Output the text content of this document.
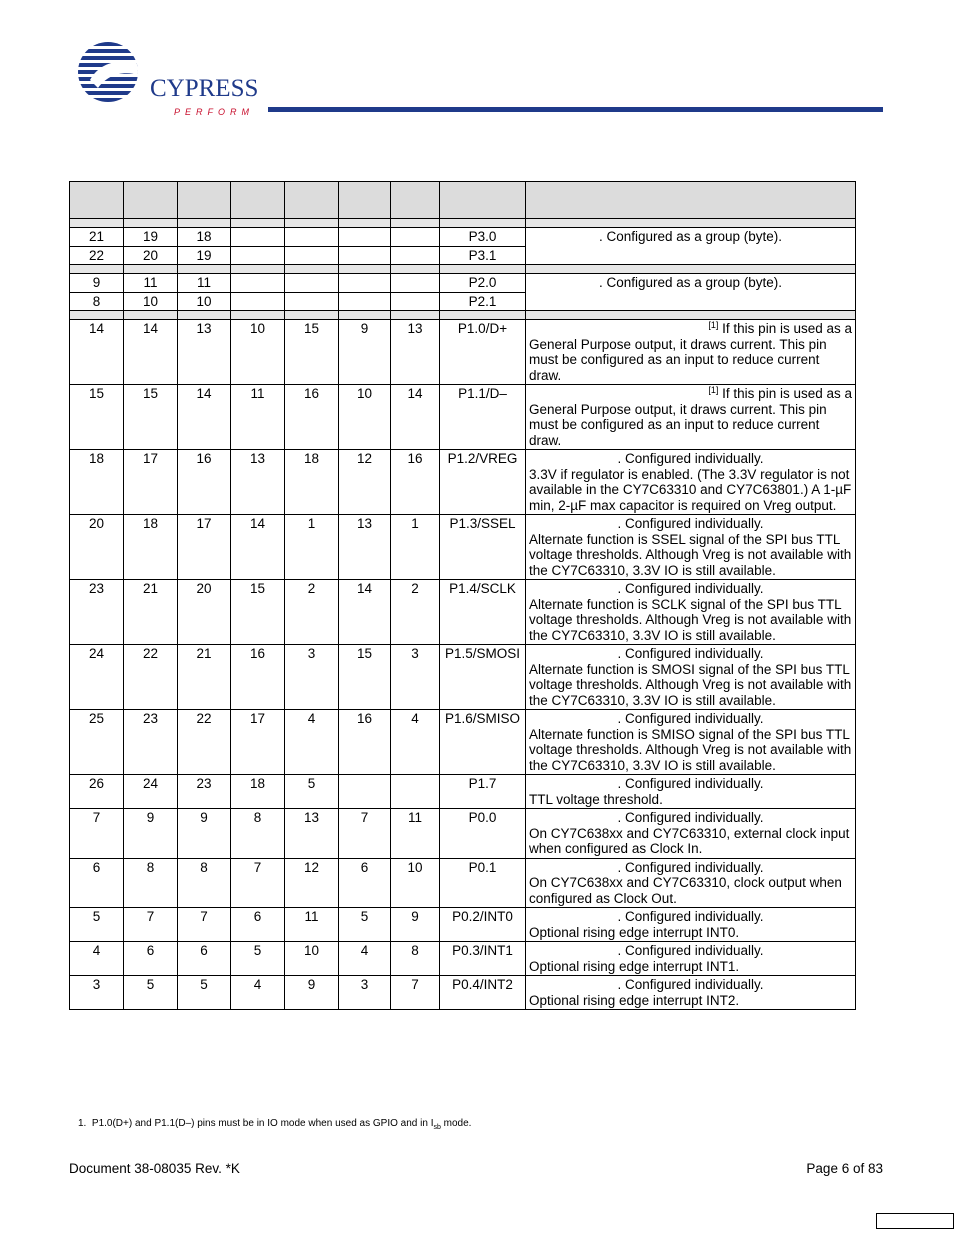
CYPRESS
PERFORM

21	19	18					P3.0	. Configured as a group (byte).

22	20	19					P3.1	

9	11	11					P2.0	. Configured as a group (byte).

8	10	10					P2.1	

14	14	13	10	15	9	13	P1.0/D+	[1] If this pin is used as a
General Purpose output, it draws current. This pin must be configured as an input to reduce current draw.
15	15	14	11	16	10	14	P1.1/D–	[1] If this pin is used as a
General Purpose output, it draws current. This pin must be configured as an input to reduce current draw.
18	17	16	13	18	12	16	P1.2/VREG	. Configured individually.
3.3V if regulator is enabled. (The 3.3V regulator is not available in the CY7C63310 and CY7C63801.) A 1-µF min, 2-µF max capacitor is required on Vreg output.
20	18	17	14	1	13	1	P1.3/SSEL	. Configured individually.
Alternate function is SSEL signal of the SPI bus TTL voltage thresholds. Although Vreg is not available with the CY7C63310, 3.3V IO is still available.
23	21	20	15	2	14	2	P1.4/SCLK	. Configured individually.
Alternate function is SCLK signal of the SPI bus TTL voltage thresholds. Although Vreg is not available with the CY7C63310, 3.3V IO is still available.
24	22	21	16	3	15	3	P1.5/SMOSI	. Configured individually.
Alternate function is SMOSI signal of the SPI bus TTL voltage thresholds. Although Vreg is not available with the CY7C63310, 3.3V IO is still available.
25	23	22	17	4	16	4	P1.6/SMISO	. Configured individually.
Alternate function is SMISO signal of the SPI bus TTL voltage thresholds. Although Vreg is not available with the CY7C63310, 3.3V IO is still available.
26	24	23	18	5			P1.7	. Configured individually.
TTL voltage threshold.
7	9	9	8	13	7	11	P0.0	. Configured individually.
On CY7C638xx and CY7C63310, external clock input when configured as Clock In.
6	8	8	7	12	6	10	P0.1	. Configured individually.
On CY7C638xx and CY7C63310, clock output when configured as Clock Out.
5	7	7	6	11	5	9	P0.2/INT0	. Configured individually.
Optional rising edge interrupt INT0.
4	6	6	5	10	4	8	P0.3/INT1	. Configured individually.
Optional rising edge interrupt INT1.
3	5	5	4	9	3	7	P0.4/INT2	. Configured individually.
Optional rising edge interrupt INT2.
1. P1.0(D+) and P1.1(D–) pins must be in IO mode when used as GPIO and in $I_{sb}$ mode.
Document 38-08035 Rev. *K	Page 6 of 83
